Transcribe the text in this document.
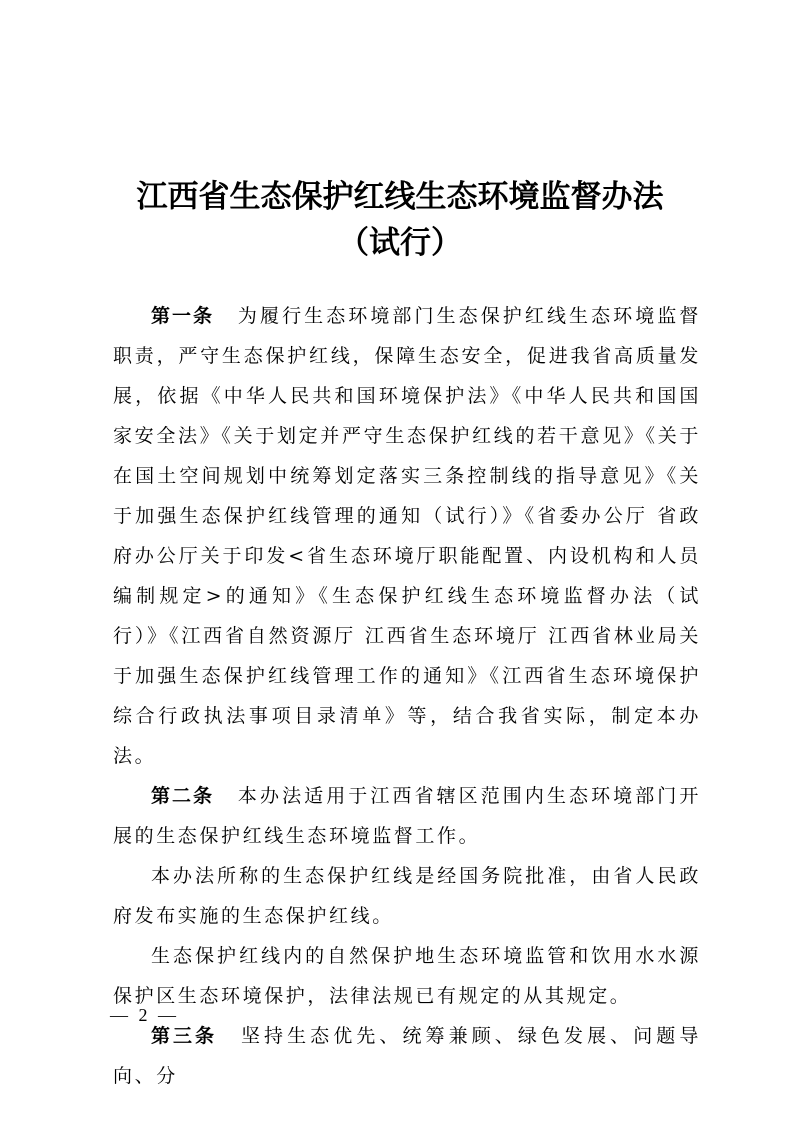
江西省生态保护红线生态环境监督办法
（试行）

第一条 为履行生态环境部门生态保护红线生态环境监督职责，严守生态保护红线，保障生态安全，促进我省高质量发展，依据《中华人民共和国环境保护法》《中华人民共和国国家安全法》《关于划定并严守生态保护红线的若干意见》《关于在国土空间规划中统筹划定落实三条控制线的指导意见》《关于加强生态保护红线管理的通知（试行）》《省委办公厅 省政府办公厅关于印发<省生态环境厅职能配置、内设机构和人员编制规定>的通知》《生态保护红线生态环境监督办法（试行）》《江西省自然资源厅 江西省生态环境厅 江西省林业局关于加强生态保护红线管理工作的通知》《江西省生态环境保护综合行政执法事项目录清单》等，结合我省实际，制定本办法。

第二条 本办法适用于江西省辖区范围内生态环境部门开展的生态保护红线生态环境监督工作。

本办法所称的生态保护红线是经国务院批准，由省人民政府发布实施的生态保护红线。

生态保护红线内的自然保护地生态环境监管和饮用水水源保护区生态环境保护，法律法规已有规定的从其规定。

第三条 坚持生态优先、统筹兼顾、绿色发展、问题导向、分

— 2 —
